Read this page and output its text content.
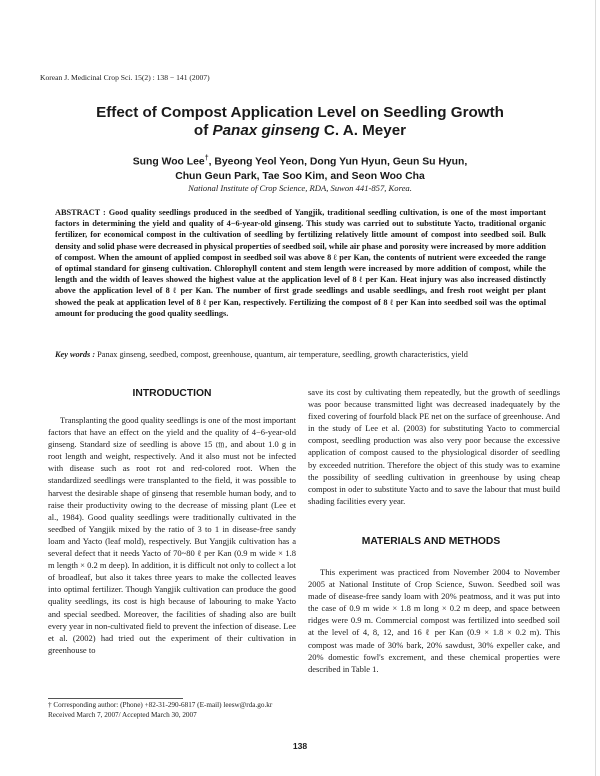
Korean J. Medicinal Crop Sci. 15(2) : 138 − 141 (2007)
Effect of Compost Application Level on Seedling Growth
of Panax ginseng C. A. Meyer
Sung Woo Lee†, Byeong Yeol Yeon, Dong Yun Hyun, Geun Su Hyun,
Chun Geun Park, Tae Soo Kim, and Seon Woo Cha
National Institute of Crop Science, RDA, Suwon 441-857, Korea.

ABSTRACT : Good quality seedlings produced in the seedbed of Yangjik, traditional seedling cultivation, is one of the most important factors in determining the yield and quality of 4−6-year-old ginseng. This study was carried out to substitute Yacto, traditional organic fertilizer, for economical compost in the cultivation of seedling by fertilizing relatively little amount of compost into seedbed soil. Bulk density and solid phase were decreased in physical properties of seedbed soil, while air phase and porosity were increased by more addition of compost. When the amount of applied compost in seedbed soil was above 8 ℓ per Kan, the contents of nutrient were exceeded the range of optimal standard for ginseng cultivation. Chlorophyll content and stem length were increased by more addition of compost, while the length and the width of leaves showed the highest value at the application level of 8 ℓ per Kan. Heat injury was also increased distinctly above the application level of 8 ℓ per Kan. The number of first grade seedlings and usable seedlings, and fresh root weight per plant showed the peak at application level of 8 ℓ per Kan, respectively. Fertilizing the compost of 8 ℓ per Kan into seedbed soil was the optimal amount for producing the good quality seedlings.

Key words : Panax ginseng, seedbed, compost, greenhouse, quantum, air temperature, seedling, growth characteristics, yield

INTRODUCTION

Transplanting the good quality seedlings is one of the most important factors that have an effect on the yield and the quality of 4−6-year-old ginseng. Standard size of seedling is above 15 ㎝, and about 1.0 g in root length and weight, respectively. And it also must not be infected with disease such as root rot and red-colored root. When the standardized seedlings were transplanted to the field, it was possible to harvest the desirable shape of ginseng that resemble human body, and to raise their productivity owing to the decrease of missing plant (Lee et al., 1984). Good quality seedlings were traditionally cultivated in the seedbed of Yangjik mixed by the ratio of 3 to 1 in disease-free sandy loam and Yacto (leaf mold), respectively. But Yangjik cultivation has a several defect that it needs Yacto of 70~80 ℓ per Kan (0.9 m wide × 1.8 m length × 0.2 m deep). In addition, it is difficult not only to collect a lot of broadleaf, but also it takes three years to make the collected leaves into optimal fertilizer. Though Yangjik cultivation can produce the good quality seedlings, its cost is high because of labouring to make Yacto and special seedbed. Moreover, the facilities of shading also are built every year in non-cultivated field to prevent the infection of disease. Lee et al. (2002) had tried out the experiment of their cultivation in greenhouse to

save its cost by cultivating them repeatedly, but the growth of seedlings was poor because transmitted light was decreased inadequately by the fixed covering of fourfold black PE net on the surface of greenhouse. And in the study of Lee et al. (2003) for substituting Yacto to commercial compost, seedling production was also very poor because the excessive application of compost caused to the physiological disorder of seedling by exceeded nutrition. Therefore the object of this study was to examine the possibility of seedling cultivation in greenhouse by using cheap compost in oder to substitute Yacto and to save the labour that must build shading facilities every year.

MATERIALS AND METHODS

This experiment was practiced from November 2004 to November 2005 at National Institute of Crop Science, Suwon. Seedbed soil was made of disease-free sandy loam with 20% peatmoss, and it was put into the case of 0.9 m wide × 1.8 m long × 0.2 m deep, and space between ridges were 0.9 m. Commercial compost was fertilized into seedbed soil at the level of 4, 8, 12, and 16 ℓ per Kan (0.9 × 1.8 × 0.2 m). This compost was made of 30% bark, 20% sawdust, 30% expeller cake, and 20% domestic fowl's excrement, and these chemical properties were described in Table 1.

† Corresponding author: (Phone) +82-31-290-6817 (E-mail) leesw@rda.go.kr
Received March 7, 2007/ Accepted March 30, 2007
138
